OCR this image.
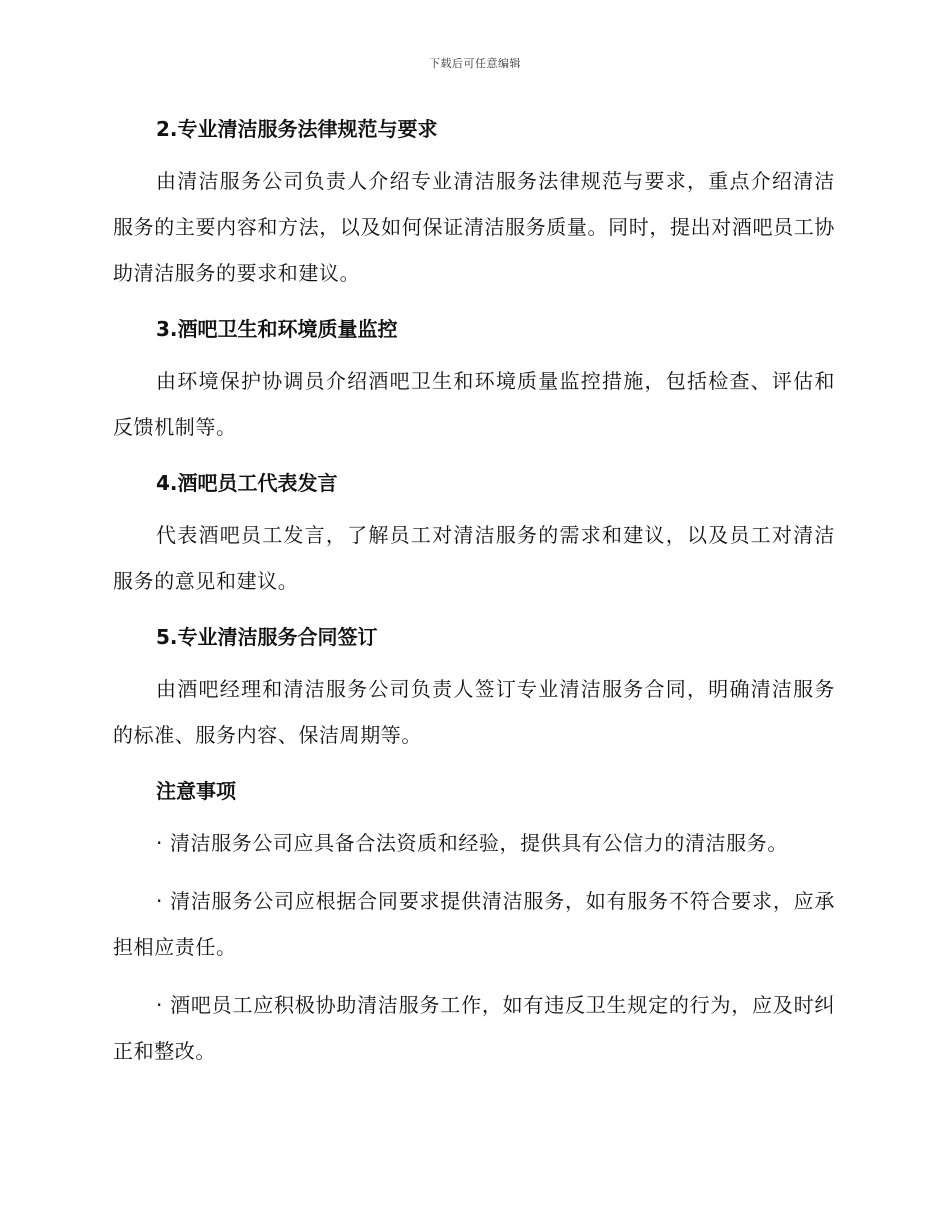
下载后可任意编辑
2.专业清洁服务法律规范与要求

由清洁服务公司负责人介绍专业清洁服务法律规范与要求，重点介绍清洁服务的主要内容和方法，以及如何保证清洁服务质量。同时，提出对酒吧员工协助清洁服务的要求和建议。

3.酒吧卫生和环境质量监控

由环境保护协调员介绍酒吧卫生和环境质量监控措施，包括检查、评估和反馈机制等。

4.酒吧员工代表发言

代表酒吧员工发言，了解员工对清洁服务的需求和建议，以及员工对清洁服务的意见和建议。

5.专业清洁服务合同签订

由酒吧经理和清洁服务公司负责人签订专业清洁服务合同，明确清洁服务的标准、服务内容、保洁周期等。

注意事项

· 清洁服务公司应具备合法资质和经验，提供具有公信力的清洁服务。

· 清洁服务公司应根据合同要求提供清洁服务，如有服务不符合要求，应承担相应责任。

· 酒吧员工应积极协助清洁服务工作，如有违反卫生规定的行为，应及时纠正和整改。
